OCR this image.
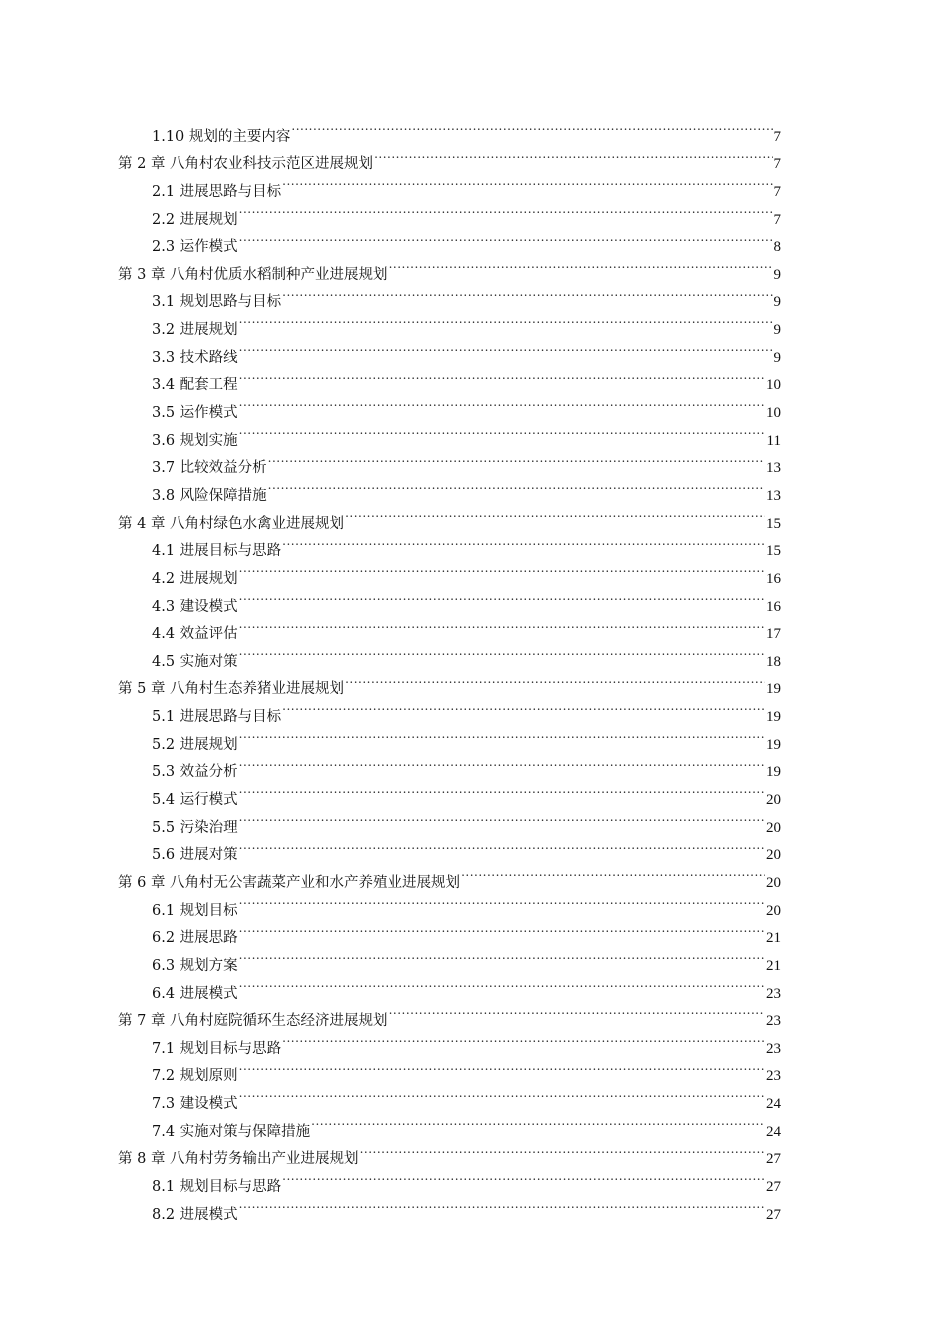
1.10 规划的主要内容 .....	7
第 2 章 八角村农业科技示范区进展规划 .....	7
2.1 进展思路与目标 .....	7
2.2 进展规划 .....	7
2.3 运作模式 .....	8
第 3 章 八角村优质水稻制种产业进展规划 .....	9
3.1 规划思路与目标 .....	9
3.2 进展规划 .....	9
3.3 技术路线 .....	9
3.4 配套工程 .....	10
3.5 运作模式 .....	10
3.6 规划实施 .....	11
3.7 比较效益分析 .....	13
3.8 风险保障措施 .....	13
第 4 章 八角村绿色水禽业进展规划 .....	15
4.1 进展目标与思路 .....	15
4.2 进展规划 .....	16
4.3 建设模式 .....	16
4.4 效益评估 .....	17
4.5 实施对策 .....	18
第 5 章 八角村生态养猪业进展规划 .....	19
5.1 进展思路与目标 .....	19
5.2 进展规划 .....	19
5.3 效益分析 .....	19
5.4 运行模式 .....	20
5.5 污染治理 .....	20
5.6 进展对策 .....	20
第 6 章 八角村无公害蔬菜产业和水产养殖业进展规划 .....	20
6.1 规划目标 .....	20
6.2 进展思路 .....	21
6.3 规划方案 .....	21
6.4 进展模式 .....	23
第 7 章 八角村庭院循环生态经济进展规划 .....	23
7.1 规划目标与思路 .....	23
7.2 规划原则 .....	23
7.3 建设模式 .....	24
7.4 实施对策与保障措施 .....	24
第 8 章 八角村劳务输出产业进展规划 .....	27
8.1 规划目标与思路 .....	27
8.2 进展模式 .....	27
